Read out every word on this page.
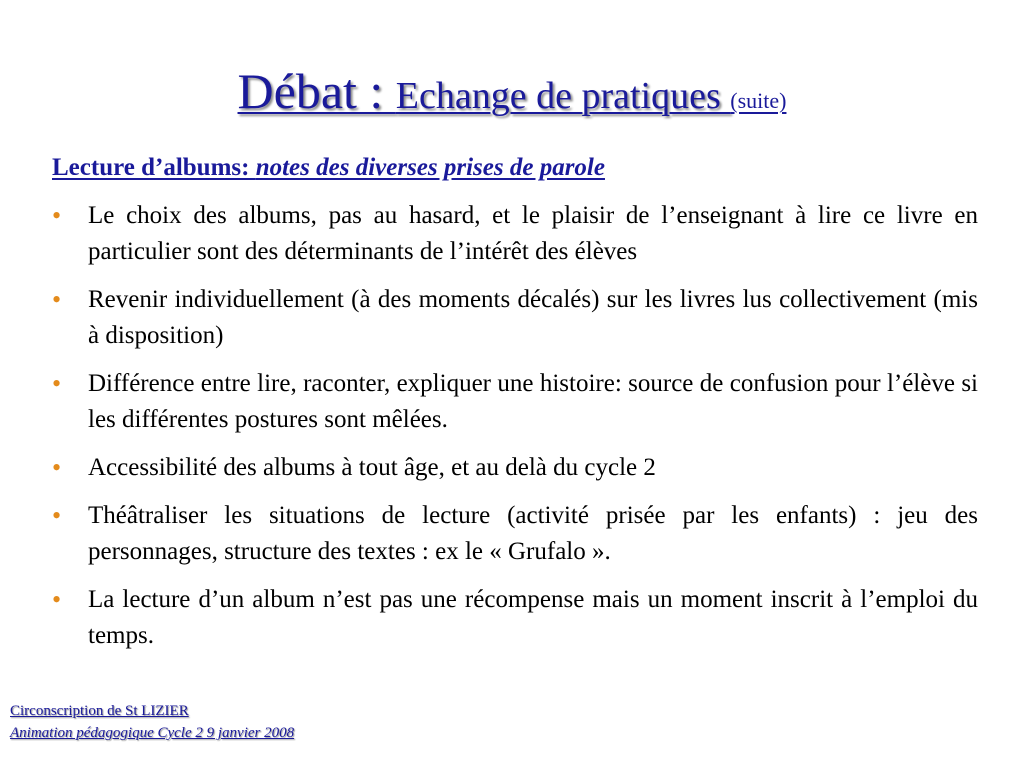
Débat : Echange de pratiques (suite)
Lecture d’albums: notes des diverses prises de parole
• Le choix des albums, pas au hasard, et le plaisir de l’enseignant à lire ce livre en particulier sont des déterminants de l’intérêt des élèves
• Revenir individuellement (à des moments décalés) sur les livres lus collectivement (mis à disposition)
• Différence entre lire, raconter, expliquer une histoire: source de confusion pour l’élève si les différentes postures sont mêlées.
• Accessibilité des albums à tout âge, et au delà du cycle 2
• Théâtraliser les situations de lecture (activité prisée par les enfants) : jeu des personnages, structure des textes : ex le « Grufalo ».
• La lecture d’un album n’est pas une récompense mais un moment inscrit à l’emploi du temps.
Circonscription de St LIZIER
Animation pédagogique Cycle 2 9 janvier 2008
